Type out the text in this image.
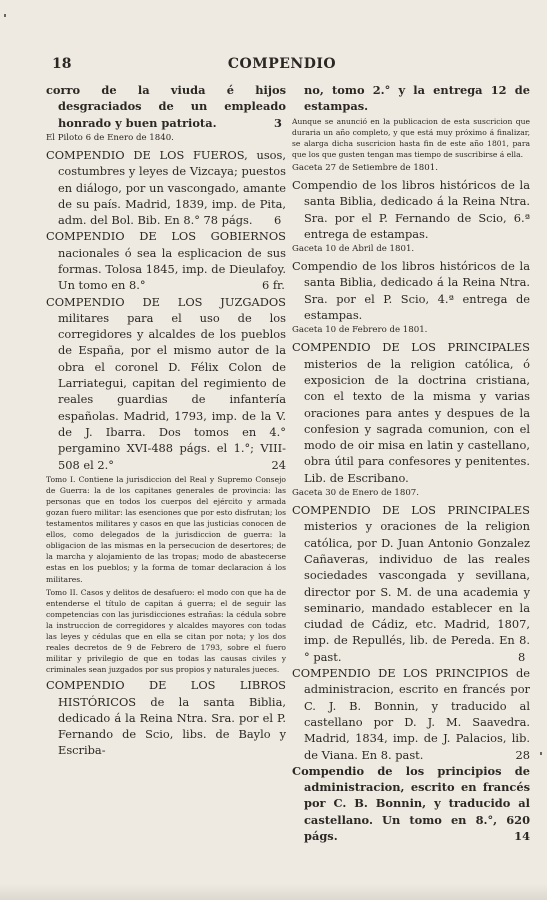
18	COMPENDIO

corro de la viuda é hijos desgraciados de un empleado honrado y buen patriota.	3

El Piloto 6 de Enero de 1840.

COMPENDIO DE LOS FUEROS, usos, costumbres y leyes de Vizcaya; puestos en diálogo, por un vascongado, amante de su país. Madrid, 1839, imp. de Pita, adm. del Bol. Bib. En 8.° 78 págs. 6

COMPENDIO DE LOS GOBIERNOS nacionales ó sea la esplicacion de sus formas. Tolosa 1845, imp. de Dieulafoy. Un tomo en 8.°	6 fr.

COMPENDIO DE LOS JUZGADOS militares para el uso de los corregidores y alcaldes de los pueblos de España, por el mismo autor de la obra el coronel D. Félix Colon de Larriategui, capitan del regimiento de reales guardias de infantería españolas. Madrid, 1793, imp. de la V. de J. Ibarra. Dos tomos en 4.° pergamino XVI-488 págs. el 1.°; VIII-508 el 2.°	24

Tomo I. Contiene la jurisdiccion del Real y Supremo Consejo de Guerra: la de los capitanes generales de provincia: las personas que en todos los cuerpos del ejército y armada gozan fuero militar: las esenciones que por esto disfrutan; los testamentos militares y casos en que las justicias conocen de ellos, como delegados de la jurisdiccion de guerra: la obligacion de las mismas en la persecucion de desertores; de la marcha y alojamiento de las tropas; modo de abastecerse estas en los pueblos; y la forma de tomar declaracion á los militares.

Tomo II. Casos y delitos de desafuero: el modo con que ha de entenderse el título de capitan á guerra; el de seguir las competencias con las jurisdicciones estrañas: la cédula sobre la instruccion de corregidores y alcaldes mayores con todas las leyes y cédulas que en ella se citan por nota; y los dos reales decretos de 9 de Febrero de 1793, sobre el fuero militar y privilegio de que en todas las causas civiles y criminales sean juzgados por sus propios y naturales jueces.

COMPENDIO DE LOS LIBROS HISTÓRICOS de la santa Biblia, dedicado á la Reina Ntra. Sra. por el P. Fernando de Scio, libs. de Baylo y Escriba-

no, tomo 2.° y la entrega 12 de estampas.

Aunque se anunció en la publicacion de esta suscricion que duraria un año completo, y que está muy próximo á finalizar, se alarga dicha suscricion hasta fin de este año 1801, para que los que gusten tengan mas tiempo de suscribirse á ella.

Gaceta 27 de Setiembre de 1801.

Compendio de los libros históricos de la santa Biblia, dedicado á la Reina Ntra. Sra. por el P. Fernando de Scio, 6.ª entrega de estampas.

Gaceta 10 de Abril de 1801.

Compendio de los libros históricos de la santa Biblia, dedicado á la Reina Ntra. Sra. por el P. Scio, 4.ª entrega de estampas.

Gaceta 10 de Febrero de 1801.

COMPENDIO DE LOS PRINCIPALES misterios de la religion católica, ó exposicion de la doctrina cristiana, con el texto de la misma y varias oraciones para antes y despues de la confesion y sagrada comunion, con el modo de oir misa en latin y castellano, obra útil para confesores y penitentes. Lib. de Escribano.

Gaceta 30 de Enero de 1807.

COMPENDIO DE LOS PRINCIPALES misterios y oraciones de la religion católica, por D. Juan Antonio Gonzalez Cañaveras, individuo de las reales sociedades vascongada y sevillana, director por S. M. de una academia y seminario, mandado establecer en la ciudad de Cádiz, etc. Madrid, 1807, imp. de Repullés, lib. de Pereda. En 8.° past.	8

COMPENDIO DE LOS PRINCIPIOS de administracion, escrito en francés por C. J. B. Bonnin, y traducido al castellano por D. J. M. Saavedra. Madrid, 1834, imp. de J. Palacios, lib. de Viana. En 8. past.	28

Compendio de los principios de administracion, escrito en francés por C. B. Bonnin, y traducido al castellano. Un tomo en 8.°, 620 págs.	14
